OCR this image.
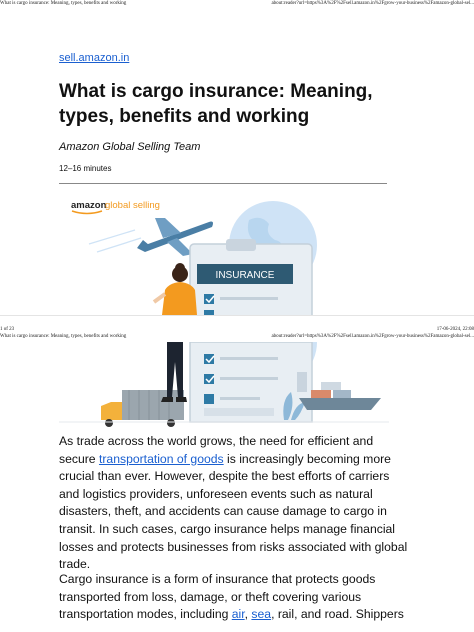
What is cargo insurance: Meaning, types, benefits and working	about:reader?url=https%3A%2F%2Fsell.amazon.in%2Fgrow-your-business%2Famazon-global-sel...
sell.amazon.in
What is cargo insurance: Meaning, types, benefits and working
Amazon Global Selling Team
12–16 minutes
amazon
global selling
INSURANCE
1 of 23	17-06-2024, 22:08
What is cargo insurance: Meaning, types, benefits and working	about:reader?url=https%3A%2F%2Fsell.amazon.in%2Fgrow-your-business%2Famazon-global-sel...

As trade across the world grows, the need for efficient and secure transportation of goods is increasingly becoming more crucial than ever. However, despite the best efforts of carriers and logistics providers, unforeseen events such as natural disasters, theft, and accidents can cause damage to cargo in transit. In such cases, cargo insurance helps manage financial losses and protects businesses from risks associated with global trade.

Cargo insurance is a form of insurance that protects goods transported from loss, damage, or theft covering various transportation modes, including air, sea, rail, and road. Shippers
